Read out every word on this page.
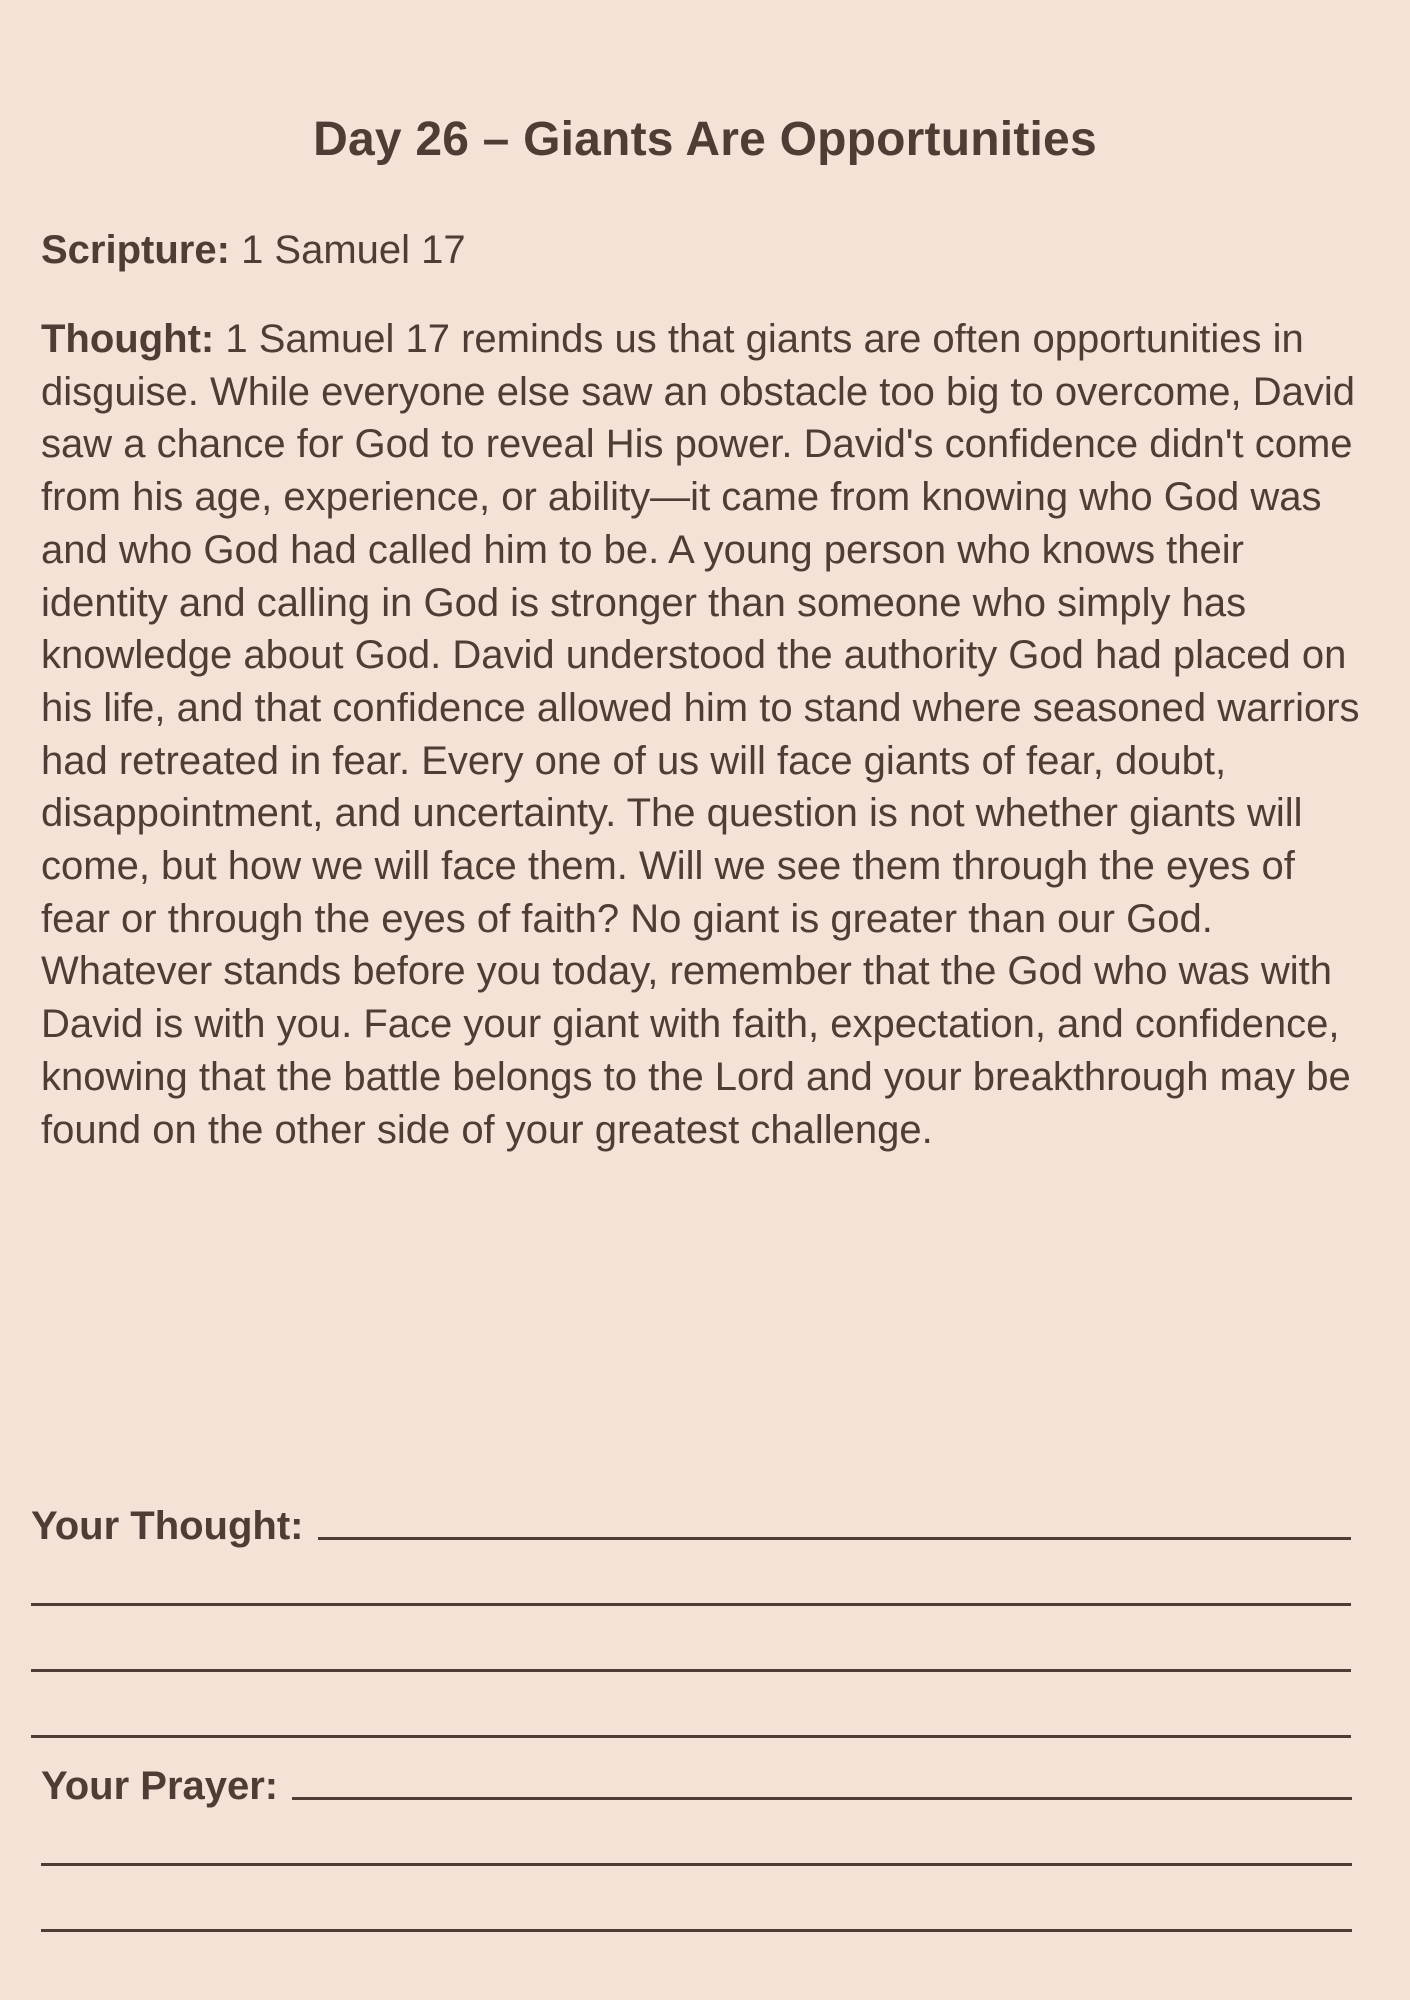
Day 26 – Giants Are Opportunities
Scripture: 1 Samuel 17
Thought: 1 Samuel 17 reminds us that giants are often opportunities in disguise. While everyone else saw an obstacle too big to overcome, David saw a chance for God to reveal His power. David's confidence didn't come from his age, experience, or ability—it came from knowing who God was and who God had called him to be. A young person who knows their identity and calling in God is stronger than someone who simply has knowledge about God. David understood the authority God had placed on his life, and that confidence allowed him to stand where seasoned warriors had retreated in fear. Every one of us will face giants of fear, doubt, disappointment, and uncertainty. The question is not whether giants will come, but how we will face them. Will we see them through the eyes of fear or through the eyes of faith? No giant is greater than our God. Whatever stands before you today, remember that the God who was with David is with you. Face your giant with faith, expectation, and confidence, knowing that the battle belongs to the Lord and your breakthrough may be found on the other side of your greatest challenge.
Your Thought:
Your Prayer:
